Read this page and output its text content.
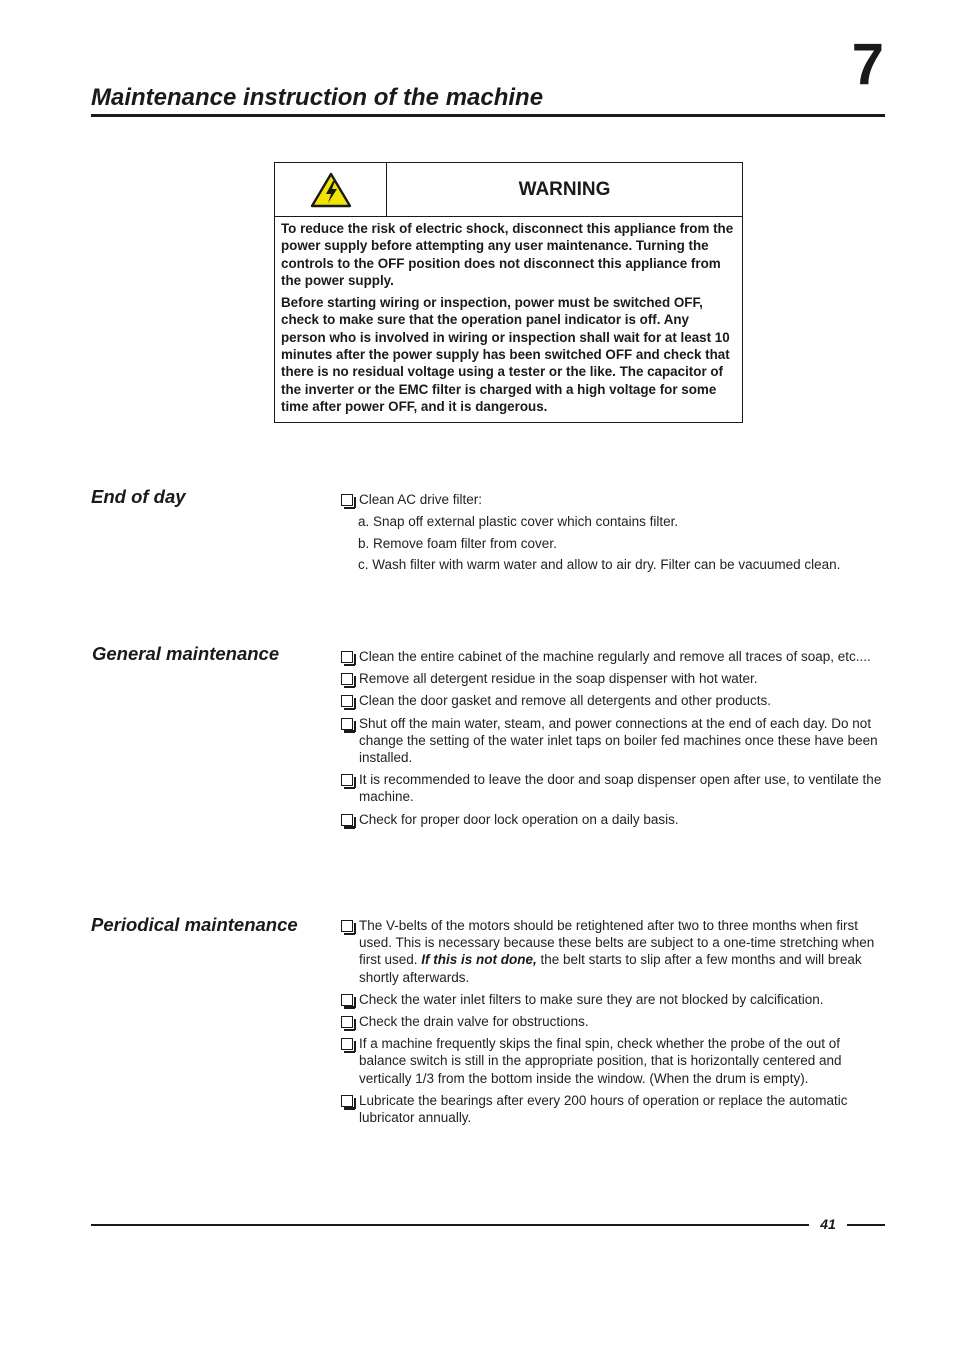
7
Maintenance instruction of the machine
WARNING

To reduce the risk of electric shock, disconnect this appliance from the power supply before attempting any user maintenance. Turning the controls to the OFF position does not disconnect this appliance from the power supply.

Before starting wiring or inspection, power must be switched OFF, check to make sure that the operation panel indicator is off. Any person who is involved in wiring or inspection shall wait for at least 10 minutes after the power supply has been switched OFF and check that there is no residual voltage using a tester or the like. The capacitor of the inverter or the EMC filter is charged with a high voltage for some time after power OFF, and it is dangerous.

End of day	Clean AC drive filter:
a. Snap off external plastic cover which contains filter.
b. Remove foam filter from cover.
c. Wash filter with warm water and allow to air dry. Filter can be vacuumed clean.
General maintenance	Clean the entire cabinet of the machine regularly and remove all traces of soap, etc....
Remove all detergent residue in the soap dispenser with hot water.
Clean the door gasket and remove all detergents and other products.
Shut off the main water, steam, and power connections at the end of each day. Do not change the setting of the water inlet taps on boiler fed machines once these have been installed.
It is recommended to leave the door and soap dispenser open after use, to ventilate the machine.
Check for proper door lock operation on a daily basis.
Periodical maintenance	The V-belts of the motors should be retightened after two to three months when first used. This is necessary because these belts are subject to a one-time stretching when first used. If this is not done, the belt starts to slip after a few months and will break shortly afterwards.
Check the water inlet filters to make sure they are not blocked by calcification.
Check the drain valve for obstructions.
If a machine frequently skips the final spin, check whether the probe of the out of balance switch is still in the appropriate position, that is horizontally centered and vertically 1/3 from the bottom inside the window. (When the drum is empty).
Lubricate the bearings after every 200 hours of operation or replace the automatic lubricator annually.
41
